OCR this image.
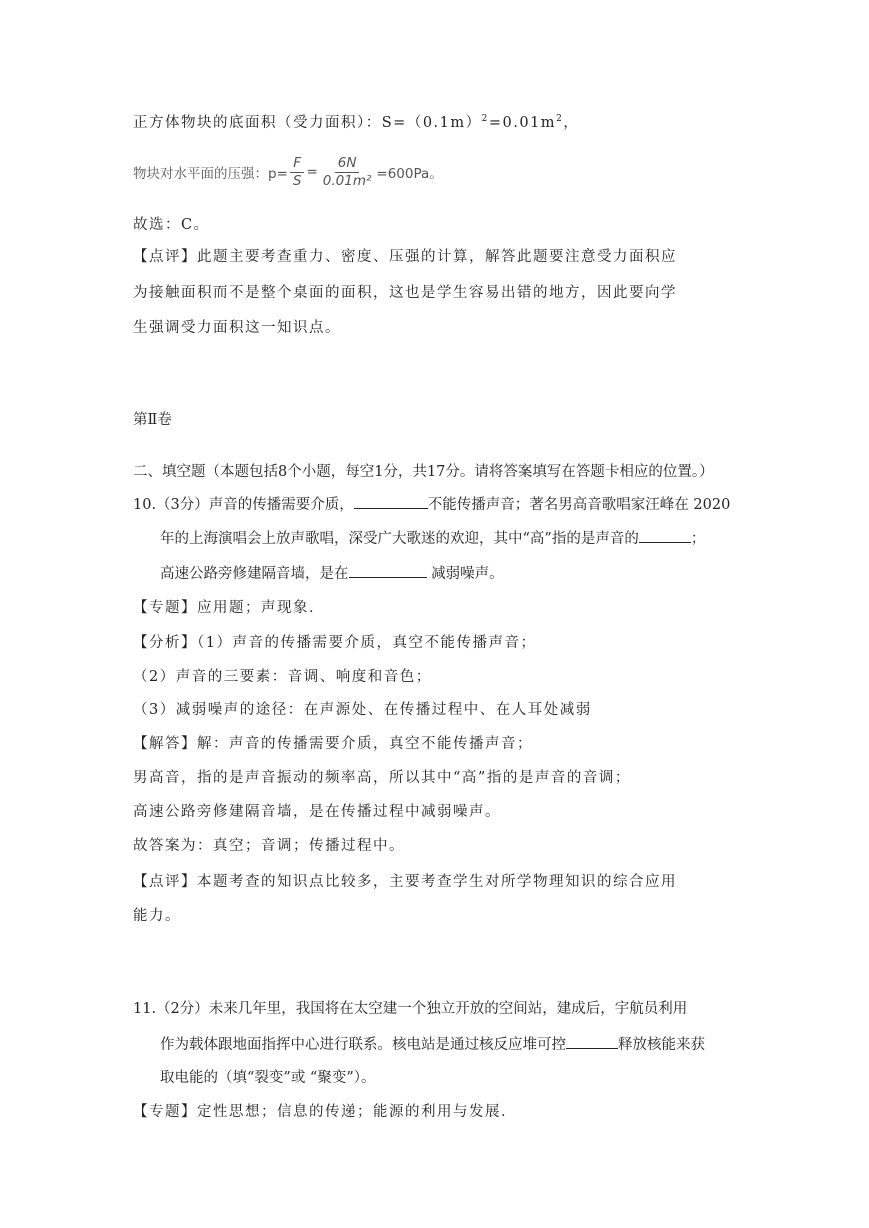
正方体物块的底面积（受力面积）：$S=(0.1m)^2=0.01m^2$，
物块对水平面的压强：$p= \frac{F}{S} = \frac{6N}{\text{0.01m²}} =600Pa$。
故选：C。
【点评】此题主要考查重力、密度、压强的计算，解答此题要注意受力面积应
为接触面积而不是整个桌面的面积，这也是学生容易出错的地方，因此要向学
生强调受力面积这一知识点。
第Ⅱ卷
二、填空题（本题包括8个小题，每空1分，共17分。请将答案填写在答题卡相应的位置。）
10.（3分）声音的传播需要介质，	不能传播声音；著名男高音歌唱家汪峰在 2020
年的上海演唱会上放声歌唱，深受广大歌迷的欢迎，其中“高”指的是声音的	；
高速公路旁修建隔音墙，是在	减弱噪声。
【专题】应用题；声现象．
【分析】（1）声音的传播需要介质，真空不能传播声音；
（2）声音的三要素：音调、响度和音色；
（3）减弱噪声的途径：在声源处、在传播过程中、在人耳处减弱
【解答】解：声音的传播需要介质，真空不能传播声音；
男高音，指的是声音振动的频率高，所以其中“高”指的是声音的音调；
高速公路旁修建隔音墙，是在传播过程中减弱噪声。
故答案为：真空；音调；传播过程中。
【点评】本题考查的知识点比较多，主要考查学生对所学物理知识的综合应用
能力。
11.（2分）未来几年里，我国将在太空建一个独立开放的空间站，建成后，宇航员利用
作为载体跟地面指挥中心进行联系。核电站是通过核反应堆可控	释放核能来获
取电能的（填“裂变”或 “聚变”）。
【专题】定性思想；信息的传递；能源的利用与发展．
